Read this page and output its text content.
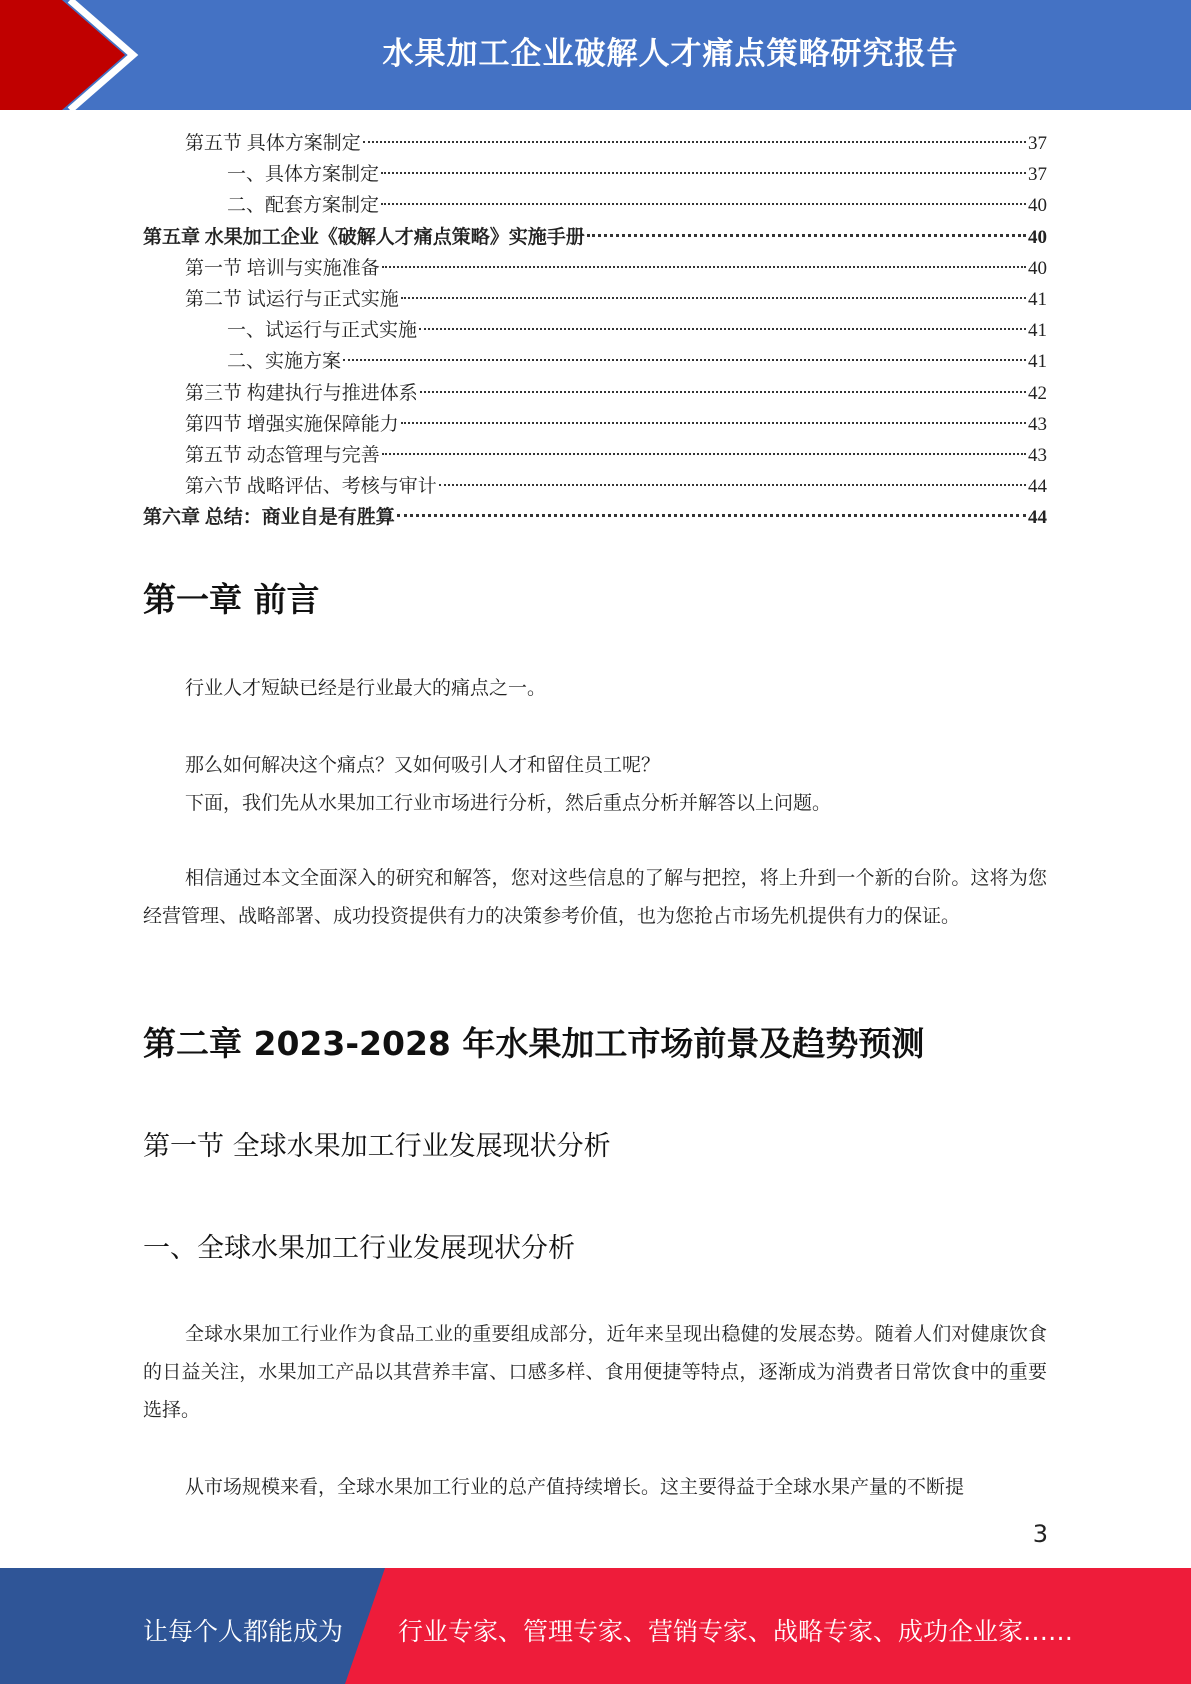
水果加工企业破解人才痛点策略研究报告
第五节 具体方案制定	37
一、具体方案制定	37
二、配套方案制定	40
第五章 水果加工企业《破解人才痛点策略》实施手册	40
第一节 培训与实施准备	40
第二节 试运行与正式实施	41
一、试运行与正式实施	41
二、实施方案	41
第三节 构建执行与推进体系	42
第四节 增强实施保障能力	43
第五节 动态管理与完善	43
第六节 战略评估、考核与审计	44
第六章 总结：商业自是有胜算	44
第一章 前言
行业人才短缺已经是行业最大的痛点之一。
那么如何解决这个痛点？又如何吸引人才和留住员工呢？
下面，我们先从水果加工行业市场进行分析，然后重点分析并解答以上问题。
相信通过本文全面深入的研究和解答，您对这些信息的了解与把控，将上升到一个新的台阶。这将为您经营管理、战略部署、成功投资提供有力的决策参考价值，也为您抢占市场先机提供有力的保证。
第二章 2023-2028 年水果加工市场前景及趋势预测
第一节 全球水果加工行业发展现状分析
一、全球水果加工行业发展现状分析
全球水果加工行业作为食品工业的重要组成部分，近年来呈现出稳健的发展态势。随着人们对健康饮食的日益关注，水果加工产品以其营养丰富、口感多样、食用便捷等特点，逐渐成为消费者日常饮食中的重要选择。
从市场规模来看，全球水果加工行业的总产值持续增长。这主要得益于全球水果产量的不断提
3
让每个人都能成为 行业专家、管理专家、营销专家、战略专家、成功企业家……
